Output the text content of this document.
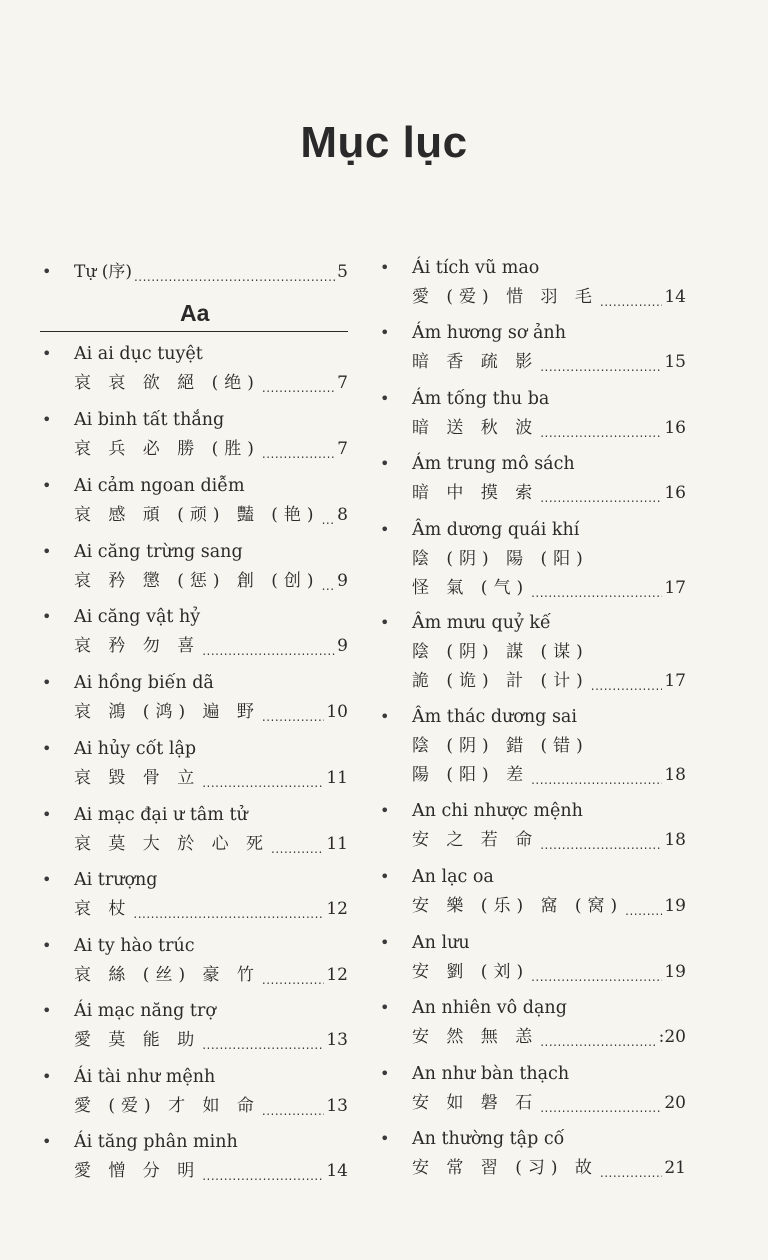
Mục lục
• Tự (序) .....	5
Aa
• Ai ai dục tuyệt
哀 哀 欲 絕 (绝) .....	7
• Ai binh tất thắng
哀 兵 必 勝 (胜) .....	7
• Ai cảm ngoan diễm
哀 感 頑 (顽) 豔 (艳) ..... 8
• Ai căng trừng sang
哀 矜 懲 (惩) 創 (创) ..... 9
• Ai căng vật hỷ
哀 矜 勿 喜 .....	9
• Ai hồng biến dã
哀 鴻 (鸿) 遍 野 .....	10
• Ai hủy cốt lập
哀 毀 骨 立 .....	11
• Ai mạc đại ư tâm tử
哀 莫 大 於 心 死 .....	11
• Ai trượng
哀 杖 .....	12
• Ai ty hào trúc
哀 絲 (丝) 豪 竹 .....	12
• Ái mạc năng trợ
愛 莫 能 助 .....	13
• Ái tài như mệnh
愛 (爱) 才 如 命 .....	13
• Ái tăng phân minh
愛 憎 分 明 .....	14
• Ái tích vũ mao
愛 (爱) 惜 羽 毛 .....	14
• Ám hương sơ ảnh
暗 香 疏 影 .....	15
• Ám tống thu ba
暗 送 秋 波 .....	16
• Ám trung mô sách
暗 中 摸 索 .....	16
• Âm dương quái khí
陰 (阴) 陽 (阳)
怪 氣 (气) .....	17
• Âm mưu quỷ kế
陰 (阴) 謀 (谋)
詭 (诡) 計 (计) .....	17
• Âm thác dương sai
陰 (阴) 錯 (错)
陽 (阳) 差 .....	18
• An chi nhược mệnh
安 之 若 命 .....	18
• An lạc oa
安 樂 (乐) 窩 (窝) ..... 19
• An lưu
安 劉 (刘) .....	19
• An nhiên vô dạng
安 然 無 恙 .....	:20
• An như bàn thạch
安 如 磐 石 .....	20
• An thường tập cố
安 常 習 (习) 故 .....	21
